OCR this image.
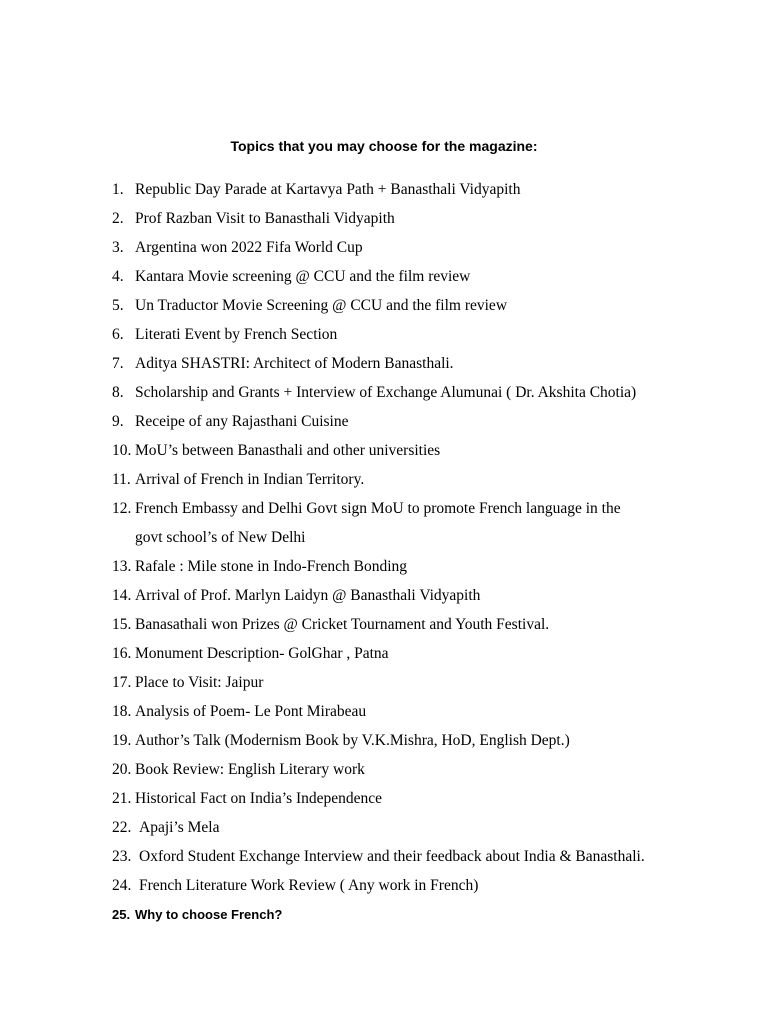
Topics that you may choose for the magazine:
1. Republic Day Parade at Kartavya Path + Banasthali Vidyapith
2. Prof Razban Visit to Banasthali Vidyapith
3. Argentina won 2022 Fifa World Cup
4. Kantara Movie screening @ CCU and the film review
5. Un Traductor Movie Screening @ CCU and the film review
6. Literati Event by French Section
7. Aditya SHASTRI: Architect of Modern Banasthali.
8. Scholarship and Grants + Interview of Exchange Alumunai ( Dr. Akshita Chotia)
9. Receipe of any Rajasthani Cuisine
10. MoU’s between Banasthali and other universities
11. Arrival of French in Indian Territory.
12. French Embassy and Delhi Govt sign MoU to promote French language in the
govt school’s of New Delhi
13. Rafale : Mile stone in Indo-French Bonding
14. Arrival of Prof. Marlyn Laidyn @ Banasthali Vidyapith
15. Banasathali won Prizes @ Cricket Tournament and Youth Festival.
16. Monument Description- GolGhar , Patna
17. Place to Visit: Jaipur
18. Analysis of Poem- Le Pont Mirabeau
19. Author’s Talk (Modernism Book by V.K.Mishra, HoD, English Dept.)
20. Book Review: English Literary work
21. Historical Fact on India’s Independence
22. Apaji’s Mela
23. Oxford Student Exchange Interview and their feedback about India & Banasthali.
24. French Literature Work Review ( Any work in French)
25. Why to choose French?
